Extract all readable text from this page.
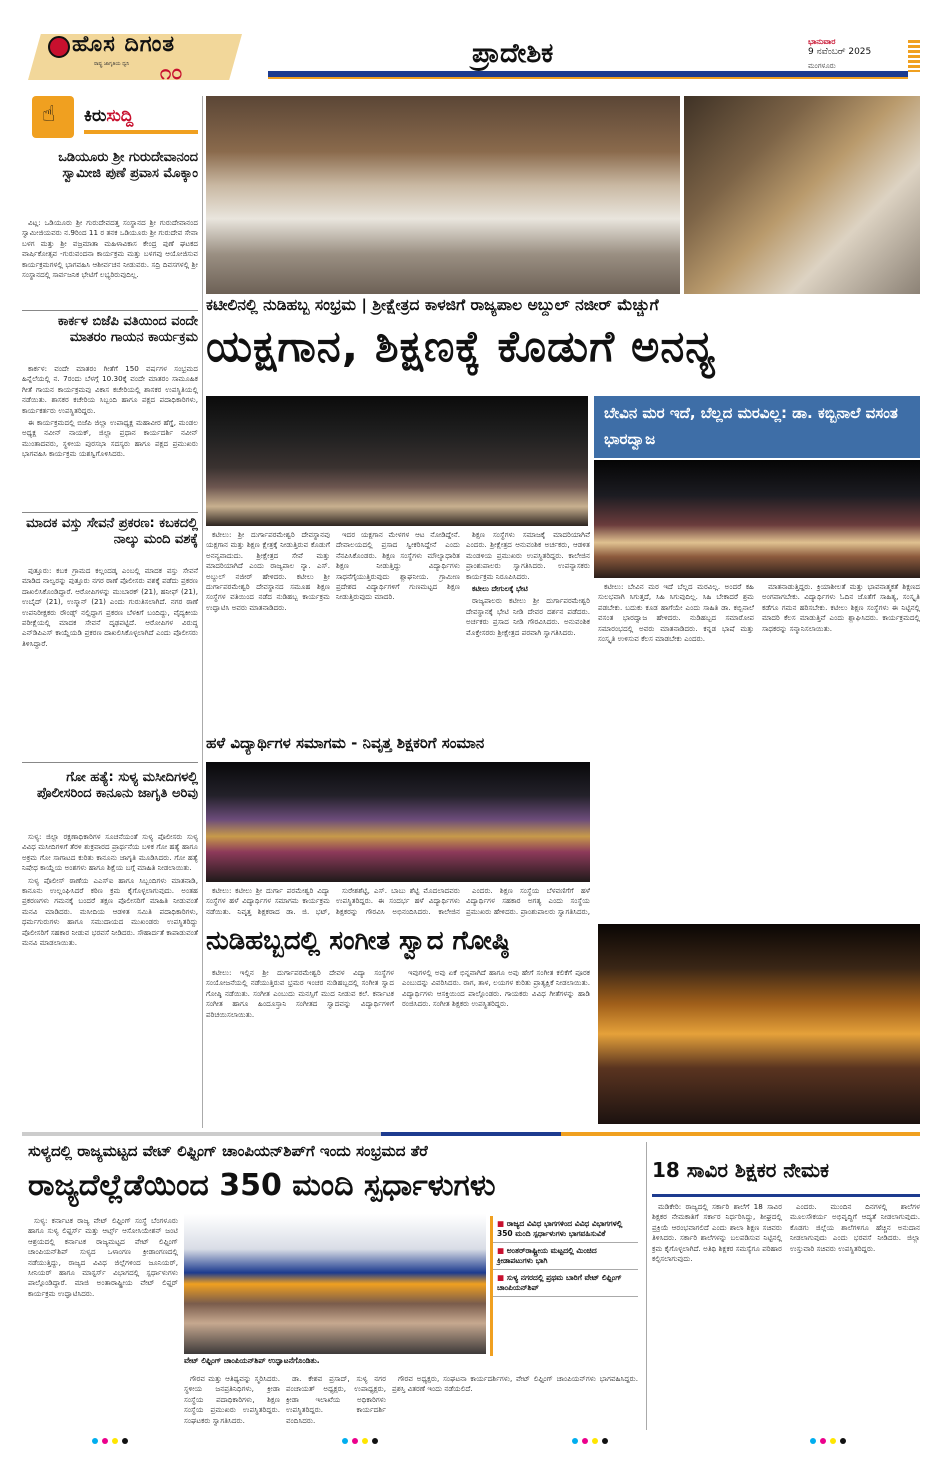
ಹೊಸ ದಿಗಂತ
ರಾಷ್ಟ್ರ ಜಾಗೃತಿಯ ಧ್ವನಿ ೧೦
ಪ್ರಾದೇಶಿಕ	ಭಾನುವಾರ
9 ನವೆಂಬರ್ 2025
ಮಂಗಳೂರು
☝
ಕಿರುಸುದ್ದಿ
ಒಡಿಯೂರು ಶ್ರೀ ಗುರುದೇವಾನಂದ ಸ್ವಾಮೀಜಿ ಪುಣೆ ಪ್ರವಾಸ ಮೊಕ್ಕಾಂ

ವಿಟ್ಲ: ಒಡಿಯೂರು ಶ್ರೀ ಗುರುದೇವದತ್ತ ಸಂಸ್ಥಾನದ ಶ್ರೀ ಗುರುದೇವಾನಂದ ಸ್ವಾಮೀಜಿಯವರು ನ.9ರಿಂದ 11 ರ ತನಕ ಒಡಿಯೂರು ಶ್ರೀ ಗುರುದೇವ ಸೇವಾ ಬಳಗ ಮತ್ತು ಶ್ರೀ ವಜ್ರಮಾತಾ ಮಹಿಳಾವಿಕಾಸ ಕೇಂದ್ರ ಪುಣೆ ಘಟಕದ ವಾರ್ಷಿಕೋತ್ಸವ -ಗುರುವಂದನಾ ಕಾರ್ಯಕ್ರಮ ಮತ್ತು ಬಳಗವು ಆಯೋಜಿಸುವ ಕಾರ್ಯಕ್ರಮಗಳಲ್ಲಿ ಭಾಗವಹಿಸಿ ಆಶೀರ್ವಚನ ನೀಡುವರು. ಸದ್ರಿ ದಿವಸಗಳಲ್ಲಿ ಶ್ರೀ ಸಂಸ್ಥಾನದಲ್ಲಿ ಸಾರ್ವಜನಿಕ ಭೇಟಿಗೆ ಲಭ್ಯರಿರುವುದಿಲ್ಲ.

ಕಾರ್ಕಳ ಬಿಜೆಪಿ ವತಿಯಿಂದ ವಂದೇ ಮಾತರಂ ಗಾಯನ ಕಾರ್ಯಕ್ರಮ

ಕಾರ್ಕಳ: ವಂದೇ ಮಾತರಂ ಗೀತೆಗೆ 150 ವರ್ಷಗಳ ಸಂಭ್ರಮದ ಹಿನ್ನೆಲೆಯಲ್ಲಿ ನ. 7ರಂದು ಬೆಳಗ್ಗೆ 10.30ಕ್ಕೆ ವಂದೇ ಮಾತರಂ ಸಾಮೂಹಿಕ ಗೀತೆ ಗಾಯನ ಕಾರ್ಯಕ್ರಮವು ವಿಕಾಸ ಕಚೇರಿಯಲ್ಲಿ ಶಾಸಕರ ಉಪಸ್ಥಿತಿಯಲ್ಲಿ ನಡೆಯಿತು. ಶಾಸಕರ ಕಚೇರಿಯ ಸಿಬ್ಬಂದಿ ಹಾಗೂ ಪಕ್ಷದ ಪದಾಧಿಕಾರಿಗಳು, ಕಾರ್ಯಕರ್ತರು ಉಪಸ್ಥಿತರಿದ್ದರು.

ಈ ಕಾರ್ಯಕ್ರಮದಲ್ಲಿ ಬಿಜೆಪಿ ಜಿಲ್ಲಾ ಉಪಾಧ್ಯಕ್ಷ ಮಹಾವೀರ ಹೆಗ್ಡೆ, ಮಂಡಲ ಅಧ್ಯಕ್ಷ ನವೀನ್ ನಾಯಕ್, ಜಿಲ್ಲಾ ಪ್ರಧಾನ ಕಾರ್ಯದರ್ಶಿ ನವೀನ್ ಮುಂತಾದವರು, ಸ್ಥಳೀಯ ಪುರಸಭಾ ಸದಸ್ಯರು ಹಾಗೂ ಪಕ್ಷದ ಪ್ರಮುಖರು ಭಾಗವಹಿಸಿ ಕಾರ್ಯಕ್ರಮ ಯಶಸ್ವಿಗೊಳಿಸಿದರು.

ಮಾದಕ ವಸ್ತು ಸೇವನೆ ಪ್ರಕರಣ: ಕಬಕದಲ್ಲಿ ನಾಲ್ಕು ಮಂದಿ ವಶಕ್ಕೆ

ಪುತ್ತೂರು: ಕಬಕ ಗ್ರಾಮದ ಕಲ್ಲಂದಡ್ಕ ಎಂಬಲ್ಲಿ ಮಾದಕ ವಸ್ತು ಸೇವನೆ ಮಾಡಿದ ನಾಲ್ವರನ್ನು ಪುತ್ತೂರು ನಗರ ಠಾಣೆ ಪೊಲೀಸರು ವಶಕ್ಕೆ ಪಡೆದು ಪ್ರಕರಣ ದಾಖಲಿಸಿಕೊಂಡಿದ್ದಾರೆ. ಆರೋಪಿಗಳನ್ನು ಮುಬಾರಕ್ (21), ಹನೀಫ್ (21), ಉಬೈದ್ (21), ಉಸ್ಮಾನ್ (21) ಎಂದು ಗುರುತಿಸಲಾಗಿದೆ. ನಗರ ಠಾಣೆ ಉಪನಿರೀಕ್ಷಕರು ರೌಂಡ್ಸ್ ನಲ್ಲಿದ್ದಾಗ ಪ್ರಕರಣ ಬೆಳಕಿಗೆ ಬಂದಿದ್ದು, ವೈದ್ಯಕೀಯ ಪರೀಕ್ಷೆಯಲ್ಲಿ ಮಾದಕ ಸೇವನೆ ದೃಢಪಟ್ಟಿದೆ. ಆರೋಪಿಗಳ ವಿರುದ್ಧ ಎನ್‌ಡಿಪಿಎಸ್ ಕಾಯ್ದೆಯಡಿ ಪ್ರಕರಣ ದಾಖಲಿಸಿಕೊಳ್ಳಲಾಗಿದೆ ಎಂದು ಪೊಲೀಸರು ತಿಳಿಸಿದ್ದಾರೆ.

ಗೋ ಹತ್ಯೆ: ಸುಳ್ಯ ಮಸೀದಿಗಳಲ್ಲಿ ಪೊಲೀಸರಿಂದ ಕಾನೂನು ಜಾಗೃತಿ ಅರಿವು

ಸುಳ್ಯ: ಜಿಲ್ಲಾ ರಕ್ಷಣಾಧಿಕಾರಿಗಳ ಸೂಚನೆಯಂತೆ ಸುಳ್ಯ ಪೊಲೀಸರು ಸುಳ್ಯ ವಿವಿಧ ಮಸೀದಿಗಳಿಗೆ ತೆರಳಿ ಶುಕ್ರವಾರದ ಪ್ರಾರ್ಥನೆಯ ಬಳಿಕ ಗೋ ಹತ್ಯೆ ಹಾಗೂ ಅಕ್ರಮ ಗೋ ಸಾಗಾಟದ ಕುರಿತು ಕಾನೂನು ಜಾಗೃತಿ ಮೂಡಿಸಿದರು. ಗೋ ಹತ್ಯೆ ನಿಷೇಧ ಕಾಯ್ದೆಯ ಅಂಶಗಳು ಹಾಗೂ ಶಿಕ್ಷೆಯ ಬಗ್ಗೆ ಮಾಹಿತಿ ನೀಡಲಾಯಿತು.

ಸುಳ್ಯ ಪೊಲೀಸ್ ಠಾಣೆಯ ಎಎಸ್ಐ ಹಾಗೂ ಸಿಬ್ಬಂದಿಗಳು ಮಾತನಾಡಿ, ಕಾನೂನು ಉಲ್ಲಂಘಿಸಿದರೆ ಕಠಿಣ ಕ್ರಮ ಕೈಗೊಳ್ಳಲಾಗುವುದು. ಅಂತಹ ಪ್ರಕರಣಗಳು ಗಮನಕ್ಕೆ ಬಂದರೆ ತಕ್ಷಣ ಪೊಲೀಸರಿಗೆ ಮಾಹಿತಿ ನೀಡುವಂತೆ ಮನವಿ ಮಾಡಿದರು. ಮಸೀದಿಯ ಆಡಳಿತ ಸಮಿತಿ ಪದಾಧಿಕಾರಿಗಳು, ಧರ್ಮಗುರುಗಳು ಹಾಗೂ ಸಮುದಾಯದ ಮುಖಂಡರು ಉಪಸ್ಥಿತರಿದ್ದು ಪೊಲೀಸರಿಗೆ ಸಹಕಾರ ನೀಡುವ ಭರವಸೆ ನೀಡಿದರು. ಸೌಹಾರ್ದತೆ ಕಾಪಾಡುವಂತೆ ಮನವಿ ಮಾಡಲಾಯಿತು.

ಕಟೀಲಿನಲ್ಲಿ ನುಡಿಹಬ್ಬ ಸಂಭ್ರಮ | ಶ್ರೀಕ್ಷೇತ್ರದ ಕಾಳಜಿಗೆ ರಾಜ್ಯಪಾಲ ಅಬ್ದುಲ್ ನಜೀರ್ ಮೆಚ್ಚುಗೆ
ಯಕ್ಷಗಾನ, ಶಿಕ್ಷಣಕ್ಕೆ ಕೊಡುಗೆ ಅನನ್ಯ
ಬೇವಿನ ಮರ ಇದೆ, ಬೆಲ್ಲದ ಮರವಿಲ್ಲ: ಡಾ. ಕಬ್ಬಿನಾಲೆ ವಸಂತ ಭಾರದ್ವಾಜ

ಕಟೀಲು: ಶ್ರೀ ದುರ್ಗಾಪರಮೇಶ್ವರಿ ದೇವಸ್ಥಾನವು ಯಕ್ಷಗಾನ ಮತ್ತು ಶಿಕ್ಷಣ ಕ್ಷೇತ್ರಕ್ಕೆ ನೀಡುತ್ತಿರುವ ಕೊಡುಗೆ ಅನನ್ಯವಾದುದು. ಶ್ರೀಕ್ಷೇತ್ರದ ಸೇವೆ ಮತ್ತು ಮಾದರಿಯಾಗಿದೆ ಎಂದು ರಾಜ್ಯಪಾಲ ನ್ಯಾ. ಎಸ್. ಅಬ್ದುಲ್ ನಜೀರ್ ಹೇಳಿದರು. ಕಟೀಲು ಶ್ರೀ ದುರ್ಗಾಪರಮೇಶ್ವರಿ ದೇವಸ್ಥಾನದ ಸಮೂಹ ಶಿಕ್ಷಣ ಸಂಸ್ಥೆಗಳ ವತಿಯಿಂದ ನಡೆದ ನುಡಿಹಬ್ಬ ಕಾರ್ಯಕ್ರಮ ಉದ್ಘಾಟಿಸಿ ಅವರು ಮಾತನಾಡಿದರು.

ಇದರ ಯಕ್ಷಗಾನ ಮೇಳಗಳ ಆಟ ನೋಡಿದ್ದೇನೆ. ದೇವಾಲಯದಲ್ಲಿ ಪ್ರಸಾದ ಸ್ವೀಕರಿಸಿದ್ದೇನೆ ಎಂದು ನೆನಪಿಸಿಕೊಂಡರು. ಶಿಕ್ಷಣ ಸಂಸ್ಥೆಗಳು ಮೌಲ್ಯಾಧಾರಿತ ಶಿಕ್ಷಣ ನೀಡುತ್ತಿದ್ದು ವಿದ್ಯಾರ್ಥಿಗಳು ಸಾಧನೆಗೈಯುತ್ತಿರುವುದು ಶ್ಲಾಘನೀಯ. ಗ್ರಾಮೀಣ ಪ್ರದೇಶದ ವಿದ್ಯಾರ್ಥಿಗಳಿಗೆ ಗುಣಮಟ್ಟದ ಶಿಕ್ಷಣ ನೀಡುತ್ತಿರುವುದು ಮಾದರಿ.

ಶಿಕ್ಷಣ ಸಂಸ್ಥೆಗಳು ಸಮಾಜಕ್ಕೆ ಮಾದರಿಯಾಗಿವೆ ಎಂದರು. ಶ್ರೀಕ್ಷೇತ್ರದ ಆನುವಂಶಿಕ ಅರ್ಚಕರು, ಆಡಳಿತ ಮಂಡಳಿಯ ಪ್ರಮುಖರು ಉಪಸ್ಥಿತರಿದ್ದರು. ಕಾಲೇಜಿನ ಪ್ರಾಂಶುಪಾಲರು ಸ್ವಾಗತಿಸಿದರು. ಉಪನ್ಯಾಸಕರು ಕಾರ್ಯಕ್ರಮ ನಿರೂಪಿಸಿದರು.

ಕಟೀಲು ದೇಗುಲಕ್ಕೆ ಭೇಟಿ

ರಾಜ್ಯಪಾಲರು ಕಟೀಲು ಶ್ರೀ ದುರ್ಗಾಪರಮೇಶ್ವರಿ ದೇವಸ್ಥಾನಕ್ಕೆ ಭೇಟಿ ನೀಡಿ ದೇವರ ದರ್ಶನ ಪಡೆದರು. ಅರ್ಚಕರು ಪ್ರಸಾದ ನೀಡಿ ಗೌರವಿಸಿದರು. ಅನುವಂಶಿಕ ಮೊಕ್ತೇಸರರು ಶ್ರೀಕ್ಷೇತ್ರದ ಪರವಾಗಿ ಸ್ವಾಗತಿಸಿದರು.

ಕಟೀಲು: ಬೇವಿನ ಮರ ಇದೆ ಬೆಲ್ಲದ ಮರವಿಲ್ಲ. ಅಂದರೆ ಕಹಿ ಸುಲಭವಾಗಿ ಸಿಗುತ್ತದೆ, ಸಿಹಿ ಸಿಗುವುದಿಲ್ಲ. ಸಿಹಿ ಬೇಕಾದರೆ ಶ್ರಮ ಪಡಬೇಕು. ಬದುಕು ಕೂಡ ಹಾಗೆಯೇ ಎಂದು ಸಾಹಿತಿ ಡಾ. ಕಬ್ಬಿನಾಲೆ ವಸಂತ ಭಾರದ್ವಾಜ ಹೇಳಿದರು. ನುಡಿಹಬ್ಬದ ಸಮಾರೋಪ ಸಮಾರಂಭದಲ್ಲಿ ಅವರು ಮಾತನಾಡಿದರು. ಕನ್ನಡ ಭಾಷೆ ಮತ್ತು ಸಂಸ್ಕೃತಿ ಉಳಿಸುವ ಕೆಲಸ ಮಾಡಬೇಕು ಎಂದರು.

ಮಾತನಾಡುತ್ತಿದ್ದರು. ಕ್ರಿಯಾಶೀಲತೆ ಮತ್ತು ಭಾವನಾತ್ಮಕತೆ ಶಿಕ್ಷಣದ ಅಂಗವಾಗಬೇಕು. ವಿದ್ಯಾರ್ಥಿಗಳು ಓದಿನ ಜೊತೆಗೆ ಸಾಹಿತ್ಯ, ಸಂಸ್ಕೃತಿ ಕಡೆಗೂ ಗಮನ ಹರಿಸಬೇಕು. ಕಟೀಲು ಶಿಕ್ಷಣ ಸಂಸ್ಥೆಗಳು ಈ ನಿಟ್ಟಿನಲ್ಲಿ ಮಾದರಿ ಕೆಲಸ ಮಾಡುತ್ತಿವೆ ಎಂದು ಶ್ಲಾಘಿಸಿದರು. ಕಾರ್ಯಕ್ರಮದಲ್ಲಿ ಸಾಧಕರನ್ನು ಸನ್ಮಾನಿಸಲಾಯಿತು.

ಹಳೆ ವಿದ್ಯಾರ್ಥಿಗಳ ಸಮಾಗಮ - ನಿವೃತ್ತ ಶಿಕ್ಷಕರಿಗೆ ಸಂಮಾನ

ಕಟೀಲು: ಕಟೀಲು ಶ್ರೀ ದುರ್ಗಾ ಪರಮೇಶ್ವರಿ ವಿದ್ಯಾ ಸಂಸ್ಥೆಗಳ ಹಳೆ ವಿದ್ಯಾರ್ಥಿಗಳ ಸಮಾಗಮ ಕಾರ್ಯಕ್ರಮ ನಡೆಯಿತು. ನಿವೃತ್ತ ಶಿಕ್ಷಕರಾದ ಡಾ. ಜಿ. ಭಟ್,

ಸುರೇಶಶೆಟ್ಟಿ, ಎಸ್. ಬಾಬು ಶೆಟ್ಟಿ ಮೊದಲಾದವರು ಉಪಸ್ಥಿತರಿದ್ದರು. ಈ ಸಂದರ್ಭ ಹಳೆ ವಿದ್ಯಾರ್ಥಿಗಳು ಶಿಕ್ಷಕರನ್ನು ಗೌರವಿಸಿ ಅಭಿನಂದಿಸಿದರು. ಕಾಲೇಜಿನ

ಎಂದರು. ಶಿಕ್ಷಣ ಸಂಸ್ಥೆಯ ಬೆಳವಣಿಗೆಗೆ ಹಳೆ ವಿದ್ಯಾರ್ಥಿಗಳ ಸಹಕಾರ ಅಗತ್ಯ ಎಂದು ಸಂಸ್ಥೆಯ ಪ್ರಮುಖರು ಹೇಳಿದರು. ಪ್ರಾಂಶುಪಾಲರು ಸ್ವಾಗತಿಸಿದರು,

ನುಡಿಹಬ್ಬದಲ್ಲಿ ಸಂಗೀತ ಸ್ವಾದ ಗೋಷ್ಠಿ

ಕಟೀಲು: ಇಲ್ಲಿನ ಶ್ರೀ ದುರ್ಗಾಪರಮೇಶ್ವರಿ ದೇವಳ ವಿದ್ಯಾ ಸಂಸ್ಥೆಗಳ ಸಂಯೋಜನೆಯಲ್ಲಿ ನಡೆಯುತ್ತಿರುವ ಭ್ರಮರ ಇಂಚರ ನುಡಿಹಬ್ಬದಲ್ಲಿ ಸಂಗೀತ ಸ್ವಾದ ಗೋಷ್ಠಿ ನಡೆಯಿತು. ಸಂಗೀತ ಎಂಬುದು ಮನಸ್ಸಿಗೆ ಮುದ ನೀಡುವ ಕಲೆ. ಕರ್ನಾಟಕ ಸಂಗೀತ ಹಾಗೂ ಹಿಂದೂಸ್ತಾನಿ ಸಂಗೀತದ ಸ್ವಾದವನ್ನು ವಿದ್ಯಾರ್ಥಿಗಳಿಗೆ ಪರಿಚಯಿಸಲಾಯಿತು.

ಇವುಗಳಲ್ಲಿ ಅವು ಏಕೆ ಭಿನ್ನವಾಗಿದೆ ಹಾಗೂ ಅವು ಹೇಗೆ ಸಂಗೀತ ಕಲಿಕೆಗೆ ಪೂರಕ ಎಂಬುದನ್ನು ವಿವರಿಸಿದರು. ರಾಗ, ತಾಳ, ಲಯಗಳ ಕುರಿತು ಪ್ರಾತ್ಯಕ್ಷಿಕೆ ನೀಡಲಾಯಿತು. ವಿದ್ಯಾರ್ಥಿಗಳು ಆಸಕ್ತಿಯಿಂದ ಪಾಲ್ಗೊಂಡರು. ಗಾಯಕರು ವಿವಿಧ ಗೀತೆಗಳನ್ನು ಹಾಡಿ ರಂಜಿಸಿದರು. ಸಂಗೀತ ಶಿಕ್ಷಕರು ಉಪಸ್ಥಿತರಿದ್ದರು.

ಸುಳ್ಯದಲ್ಲಿ ರಾಜ್ಯಮಟ್ಟದ ವೇಟ್ ಲಿಫ್ಟಿಂಗ್ ಚಾಂಪಿಯನ್‌ಶಿಪ್‌ಗೆ ಇಂದು ಸಂಭ್ರಮದ ತೆರೆ
ರಾಜ್ಯದೆಲ್ಲೆಡೆಯಿಂದ 350 ಮಂದಿ ಸ್ಪರ್ಧಾಳುಗಳು

ಸುಳ್ಯ: ಕರ್ನಾಟಕ ರಾಜ್ಯ ವೇಟ್ ಲಿಫ್ಟಿಂಗ್ ಸಂಸ್ಥೆ ಬೆಂಗಳೂರು ಹಾಗೂ ಸುಳ್ಯ ಲಿಫ್ಟರ್ಸ್ ಮತ್ತು ಆರ್ಟ್ಸ್ ಆಸೋಸಿಯೇಶನ್ ಜಂಟಿ ಆಶ್ರಯದಲ್ಲಿ ಕರ್ನಾಟಕ ರಾಜ್ಯಮಟ್ಟದ ವೇಟ್ ಲಿಫ್ಟಿಂಗ್ ಚಾಂಪಿಯನ್‌ಶಿಪ್ ಸುಳ್ಯದ ಒಳಾಂಗಣ ಕ್ರೀಡಾಂಗಣದಲ್ಲಿ ನಡೆಯುತ್ತಿದ್ದು, ರಾಜ್ಯದ ವಿವಿಧ ಜಿಲ್ಲೆಗಳಿಂದ ಜೂನಿಯರ್, ಸೀನಿಯರ್ ಹಾಗೂ ಮಾಸ್ಟರ್ಸ್ ವಿಭಾಗದಲ್ಲಿ ಸ್ಪರ್ಧಾಳುಗಳು ಪಾಲ್ಗೊಂಡಿದ್ದಾರೆ. ಮಾಜಿ ಅಂತಾರಾಷ್ಟ್ರೀಯ ವೇಟ್ ಲಿಫ್ಟರ್ ಕಾರ್ಯಕ್ರಮ ಉದ್ಘಾಟಿಸಿದರು.

ವೇಟ್ ಲಿಫ್ಟಿಂಗ್ ಚಾಂಪಿಯನ್‌ಶಿಪ್ ಉದ್ಘಾಟನೆಗೊಂಡಿತು.
■ ರಾಜ್ಯದ ವಿವಿಧ ಭಾಗಗಳಿಂದ ವಿವಿಧ ವಿಭಾಗಗಳಲ್ಲಿ 350 ಮಂದಿ ಸ್ಪರ್ಧಾಳುಗಳು ಭಾಗವಹಿಸುವಿಕೆ
■ ಅಂತರ್‌ರಾಷ್ಟ್ರೀಯ ಮಟ್ಟದಲ್ಲಿ ಮಿಂಚಿದ ಕ್ರೀಡಾಪಟುಗಳು ಭಾಗಿ
■ ಸುಳ್ಯ ನಗರದಲ್ಲಿ ಪ್ರಥಮ ಬಾರಿಗೆ ವೇಟ್ ಲಿಫ್ಟಿಂಗ್ ಚಾಂಪಿಯನ್‌ಶಿಪ್

ಗೌರವ ಮತ್ತು ಆತಿಥ್ಯವನ್ನು ಸ್ಮರಿಸಿದರು. ಸ್ಥಳೀಯ ಜನಪ್ರತಿನಿಧಿಗಳು, ಕ್ರೀಡಾ ಸಂಸ್ಥೆಯ ಪದಾಧಿಕಾರಿಗಳು, ಶಿಕ್ಷಣ ಸಂಸ್ಥೆಯ ಪ್ರಮುಖರು ಉಪಸ್ಥಿತರಿದ್ದರು. ಸಂಘಟಕರು ಸ್ವಾಗತಿಸಿದರು.

ಡಾ. ಕೇಶವ ಪ್ರಸಾದ್, ಸುಳ್ಯ ನಗರ ಪಂಚಾಯತ್ ಅಧ್ಯಕ್ಷರು, ಉಪಾಧ್ಯಕ್ಷರು, ಕ್ರೀಡಾ ಇಲಾಖೆಯ ಅಧಿಕಾರಿಗಳು ಉಪಸ್ಥಿತರಿದ್ದರು. ಕಾರ್ಯದರ್ಶಿ ವಂದಿಸಿದರು.

ಗೌರವ ಅಧ್ಯಕ್ಷರು, ಸಂಘಟನಾ ಕಾರ್ಯದರ್ಶಿಗಳು, ವೇಟ್ ಲಿಫ್ಟಿಂಗ್ ಚಾಂಪಿಯನ್‌ಗಳು ಭಾಗವಹಿಸಿದ್ದರು. ಪ್ರಶಸ್ತಿ ವಿತರಣೆ ಇಂದು ನಡೆಯಲಿದೆ.

18 ಸಾವಿರ ಶಿಕ್ಷಕರ ನೇಮಕ

ಮಡಿಕೇರಿ: ರಾಜ್ಯದಲ್ಲಿ ಸರ್ಕಾರಿ ಶಾಲೆಗೆ 18 ಸಾವಿರ ಶಿಕ್ಷಕರ ನೇಮಕಾತಿಗೆ ಸರ್ಕಾರ ನಿರ್ಧರಿಸಿದ್ದು, ಶೀಘ್ರದಲ್ಲಿ ಪ್ರಕ್ರಿಯೆ ಆರಂಭವಾಗಲಿದೆ ಎಂದು ಶಾಲಾ ಶಿಕ್ಷಣ ಸಚಿವರು ತಿಳಿಸಿದರು. ಸರ್ಕಾರಿ ಶಾಲೆಗಳನ್ನು ಬಲಪಡಿಸುವ ನಿಟ್ಟಿನಲ್ಲಿ ಕ್ರಮ ಕೈಗೊಳ್ಳಲಾಗಿದೆ. ಅತಿಥಿ ಶಿಕ್ಷಕರ ಸಮಸ್ಯೆಗೂ ಪರಿಹಾರ ಕಲ್ಪಿಸಲಾಗುವುದು.

ಎಂದರು. ಮುಂದಿನ ದಿನಗಳಲ್ಲಿ ಶಾಲೆಗಳ ಮೂಲಸೌಕರ್ಯ ಅಭಿವೃದ್ಧಿಗೆ ಆದ್ಯತೆ ನೀಡಲಾಗುವುದು. ಕೊಡಗು ಜಿಲ್ಲೆಯ ಶಾಲೆಗಳಿಗೂ ಹೆಚ್ಚಿನ ಅನುದಾನ ನೀಡಲಾಗುವುದು ಎಂದು ಭರವಸೆ ನೀಡಿದರು. ಜಿಲ್ಲಾ ಉಸ್ತುವಾರಿ ಸಚಿವರು ಉಪಸ್ಥಿತರಿದ್ದರು.
